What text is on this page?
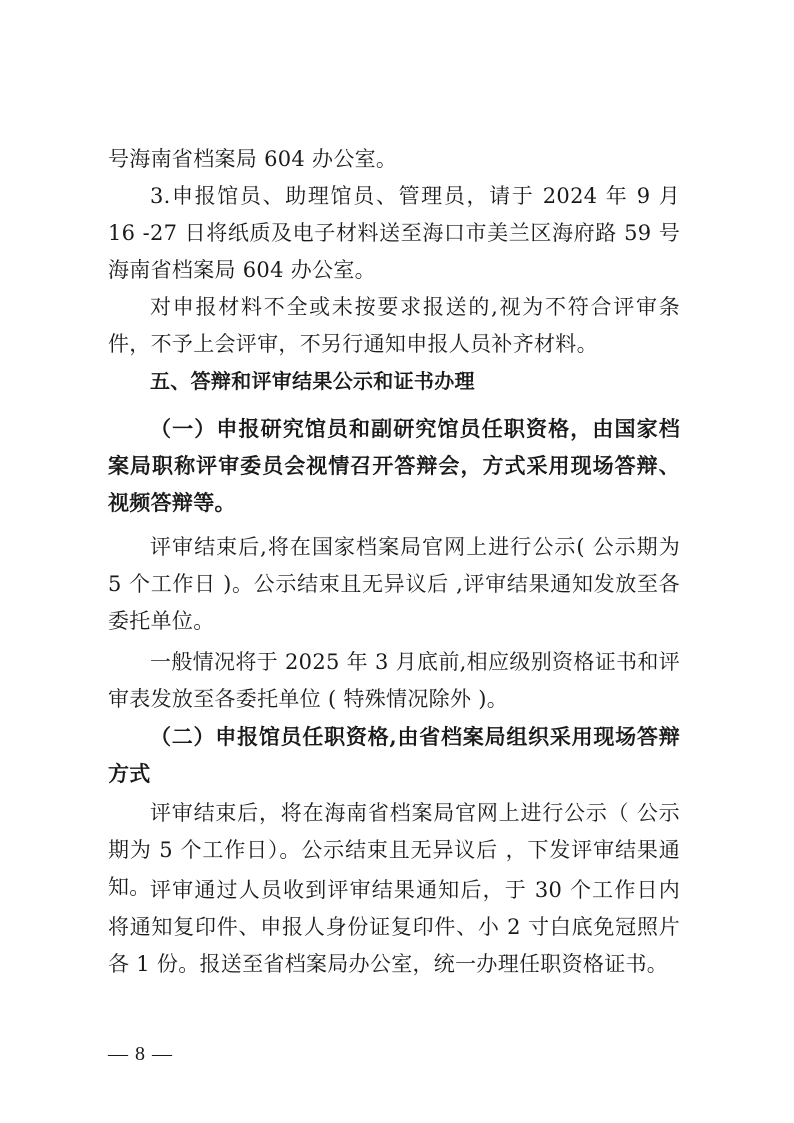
号海南省档案局 604 办公室。

3.申报馆员、助理馆员、管理员，请于 2024 年 9 月 16 -27 日将纸质及电子材料送至海口市美兰区海府路 59 号海南省档案局 604 办公室。

对申报材料不全或未按要求报送的,视为不符合评审条件，不予上会评审，不另行通知申报人员补齐材料。

五、答辩和评审结果公示和证书办理

（一）申报研究馆员和副研究馆员任职资格，由国家档案局职称评审委员会视情召开答辩会，方式采用现场答辩、视频答辩等。

评审结束后,将在国家档案局官网上进行公示( 公示期为 5 个工作日 )。公示结束且无异议后 ,评审结果通知发放至各委托单位。

一般情况将于 2025 年 3 月底前,相应级别资格证书和评审表发放至各委托单位 ( 特殊情况除外 )。

（二）申报馆员任职资格,由省档案局组织采用现场答辩方式

评审结束后，将在海南省档案局官网上进行公示（ 公示期为 5 个工作日）。公示结束且无异议后 ，下发评审结果通知。 评审通过人员收到评审结果通知后，于 30 个工作日内将通知复印件、申报人身份证复印件、小 2 寸白底免冠照片各 1 份。报送至省档案局办公室，统一办理任职资格证书。

— 8 —
